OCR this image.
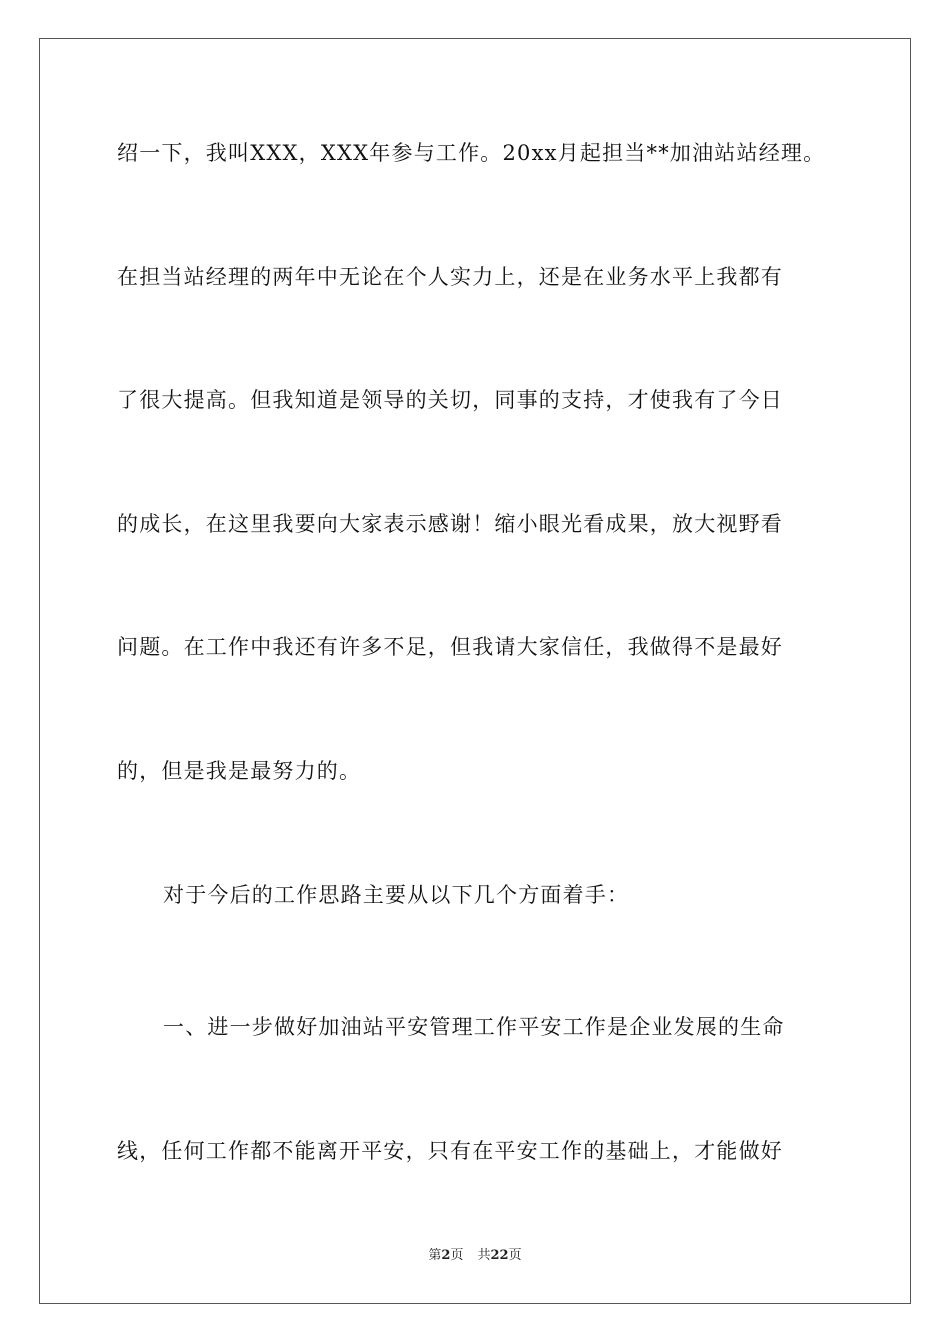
绍一下，我叫XXX，XXX年参与工作。20xx月起担当**加油站站经理。

在担当站经理的两年中无论在个人实力上，还是在业务水平上我都有

了很大提高。但我知道是领导的关切，同事的支持，才使我有了今日

的成长，在这里我要向大家表示感谢！缩小眼光看成果，放大视野看

问题。在工作中我还有许多不足，但我请大家信任，我做得不是最好

的，但是我是最努力的。

对于今后的工作思路主要从以下几个方面着手：

一、进一步做好加油站平安管理工作平安工作是企业发展的生命

线，任何工作都不能离开平安，只有在平安工作的基础上，才能做好

第2页 共22页
